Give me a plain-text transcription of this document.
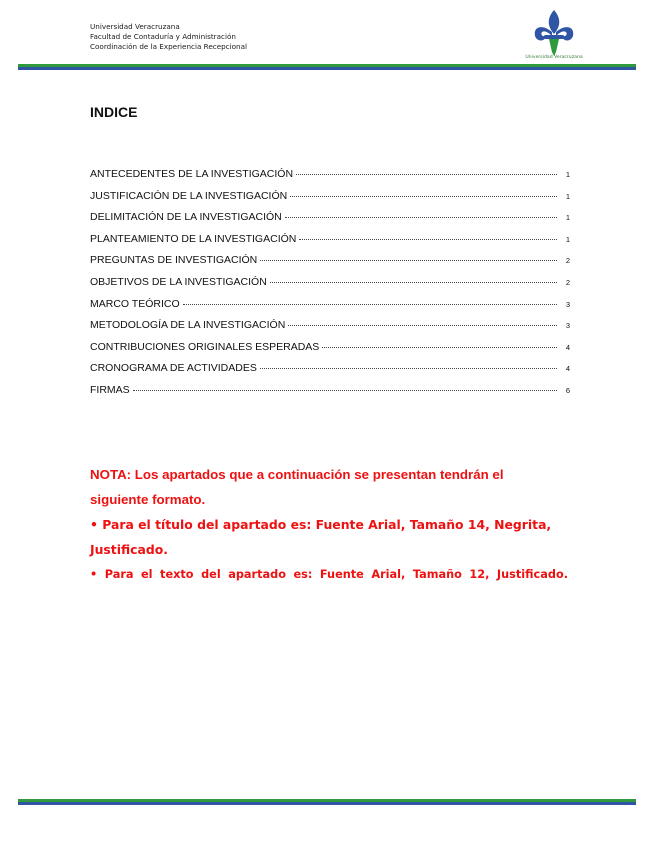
Universidad Veracruzana
Facultad de Contaduría y Administración
Coordinación de la Experiencia Recepcional
Universidad Veracruzana
INDICE
ANTECEDENTES DE LA INVESTIGACIÓN	1
JUSTIFICACIÓN DE LA INVESTIGACIÓN	1
DELIMITACIÓN DE LA INVESTIGACIÓN	1
PLANTEAMIENTO DE LA INVESTIGACIÓN	1
PREGUNTAS DE INVESTIGACIÓN	2
OBJETIVOS DE LA INVESTIGACIÓN	2
MARCO TEÓRICO	3
METODOLOGÍA DE LA INVESTIGACIÓN	3
CONTRIBUCIONES ORIGINALES ESPERADAS	4
CRONOGRAMA DE ACTIVIDADES	4
FIRMAS	6
NOTA: Los apartados que a continuación se presentan tendrán el
siguiente formato.
• Para el título del apartado es: Fuente Arial, Tamaño 14, Negrita,
Justificado.
• Para el texto del apartado es: Fuente Arial, Tamaño 12, Justificado.
